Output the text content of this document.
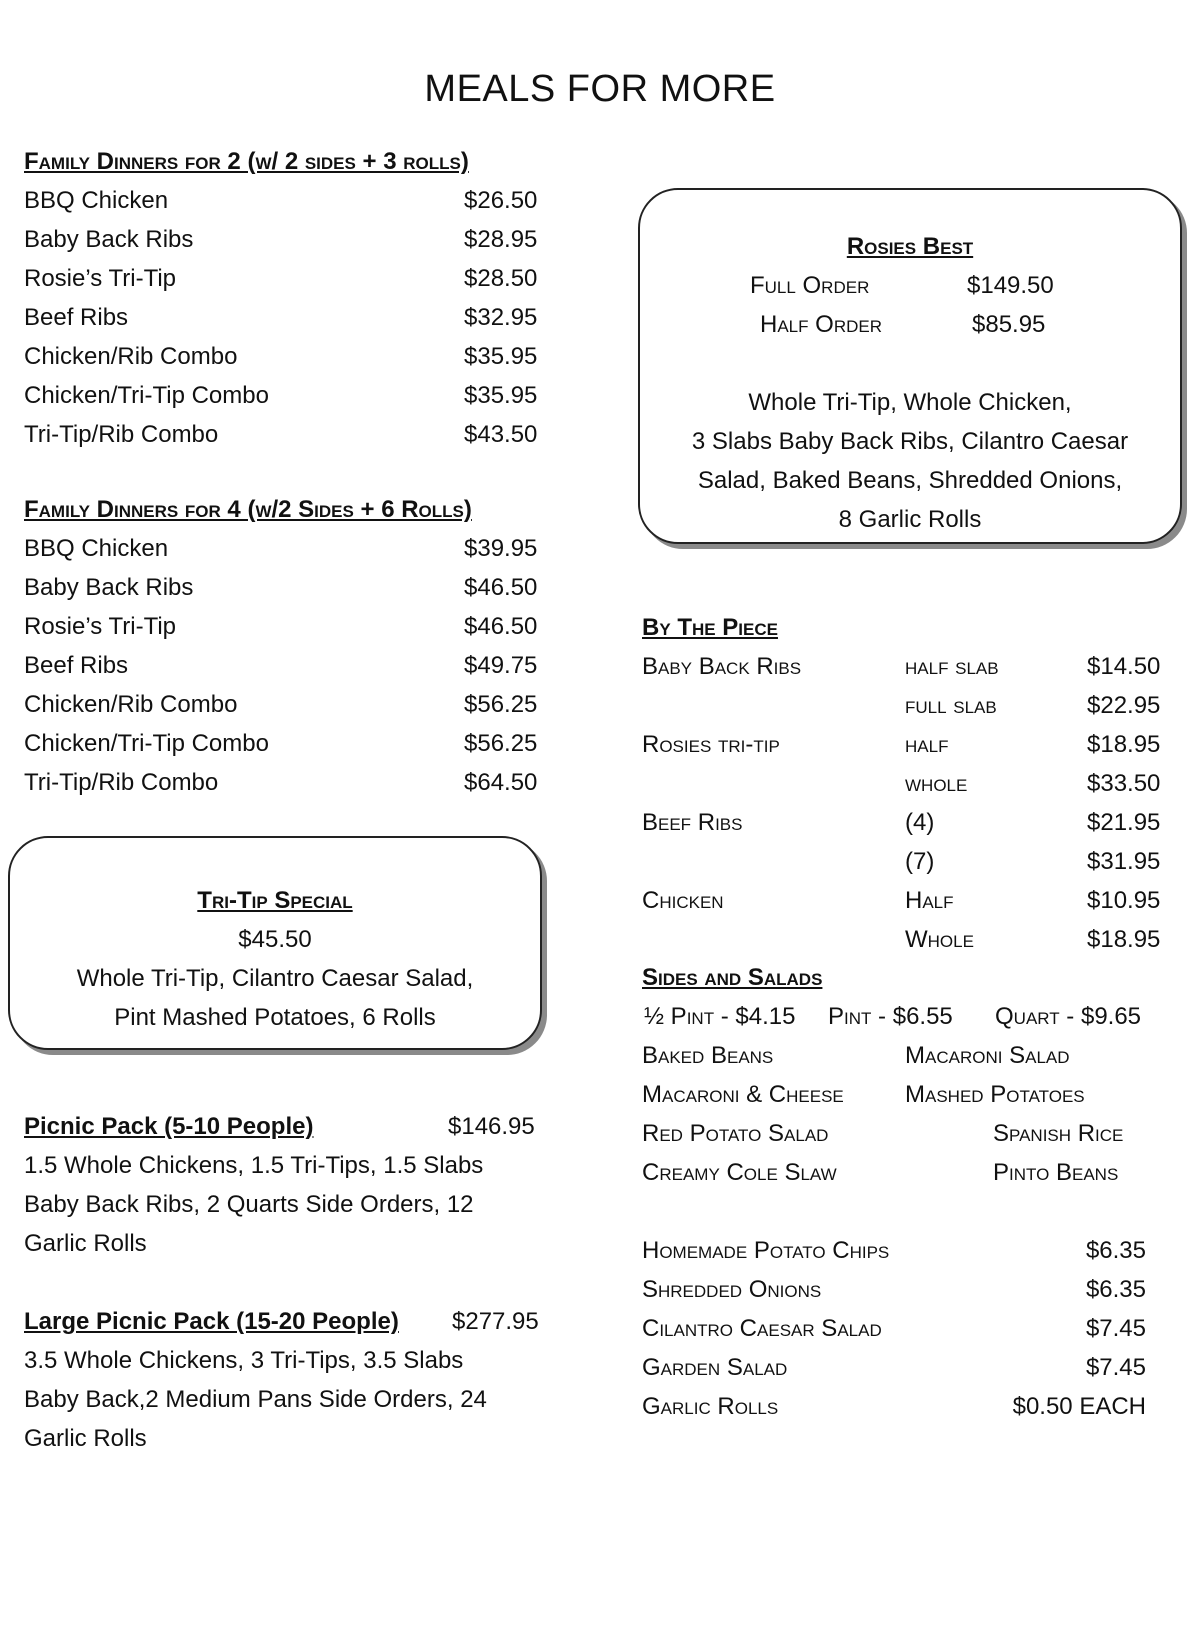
MEALS FOR MORE
Family Dinners for 2 (w/ 2 sides + 3 rolls)
Family Dinners for 4 (w/2 Sides + 6 Rolls)
Tri-Tip Special
$45.50
Whole Tri-Tip, Cilantro Caesar Salad,
Pint Mashed Potatoes, 6 Rolls
Picnic Pack (5-10 People)	$146.95
1.5 Whole Chickens, 1.5 Tri-Tips, 1.5 Slabs
Baby Back Ribs, 2 Quarts Side Orders, 12
Garlic Rolls
Large Picnic Pack (15-20 People) $277.95
3.5 Whole Chickens, 3 Tri-Tips, 3.5 Slabs
Baby Back,2 Medium Pans Side Orders, 24
Garlic Rolls
Rosies Best
Full Order	$149.50
Half Order	$85.95
Whole Tri-Tip, Whole Chicken,
3 Slabs Baby Back Ribs, Cilantro Caesar
Salad, Baked Beans, Shredded Onions,
8 Garlic Rolls
By The Piece
Sides and Salads
½ Pint - $4.15 Pint - $6.55 Quart - $9.65
BBQ Chicken	$26.50
Baby Back Ribs	$28.95
Rosie’s Tri-Tip	$28.50
Beef Ribs	$32.95
Chicken/Rib Combo	$35.95
Chicken/Tri-Tip Combo	$35.95
Tri-Tip/Rib Combo	$43.50
BBQ Chicken	$39.95
Baby Back Ribs	$46.50
Rosie’s Tri-Tip	$46.50
Beef Ribs	$49.75
Chicken/Rib Combo	$56.25
Chicken/Tri-Tip Combo	$56.25
Tri-Tip/Rib Combo	$64.50
Baby Back Ribs	half slab	$14.50
full slab	$22.95
Rosies tri-tip	half	$18.95
whole	$33.50
Beef Ribs	(4)	$21.95
(7)	$31.95
Chicken	Half	$10.95
Whole	$18.95
Baked Beans	Macaroni Salad
Macaroni & Cheese	Mashed Potatoes
Red Potato Salad	Spanish Rice
Creamy Cole Slaw	Pinto Beans
Homemade Potato Chips	$6.35
Shredded Onions	$6.35
Cilantro Caesar Salad	$7.45
Garden Salad	$7.45
Garlic Rolls	$0.50 EACH
